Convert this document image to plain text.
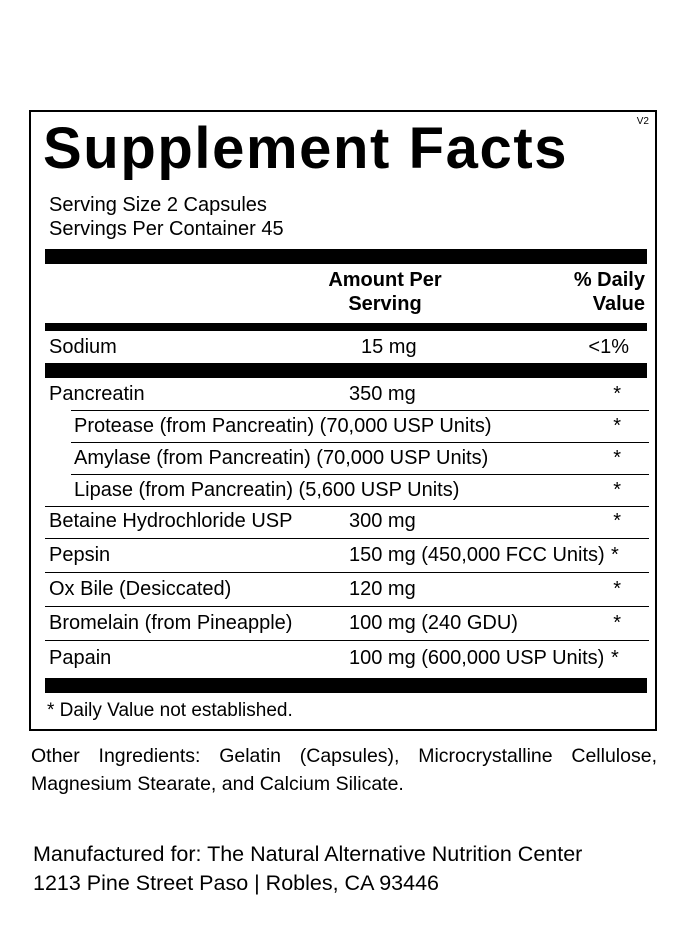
V2
Supplement Facts
Serving Size 2 Capsules
Servings Per Container 45
Amount Per
Serving
% Daily
Value
Sodium	15 mg	<1%
Pancreatin	350 mg	*
Protease (from Pancreatin) (70,000 USP Units)	*
Amylase (from Pancreatin) (70,000 USP Units)	*
Lipase (from Pancreatin) (5,600 USP Units)	*
Betaine Hydrochloride USP	300 mg	*
Pepsin	150 mg (450,000 FCC Units) *
Ox Bile (Desiccated)	120 mg	*
Bromelain (from Pineapple)	100 mg (240 GDU)	*
Papain	100 mg (600,000 USP Units) *
* Daily Value not established.
Other Ingredients: Gelatin (Capsules), Microcrystalline Cellulose, Magnesium Stearate, and Calcium Silicate.
Manufactured for: The Natural Alternative Nutrition Center
1213 Pine Street Paso | Robles, CA 93446
